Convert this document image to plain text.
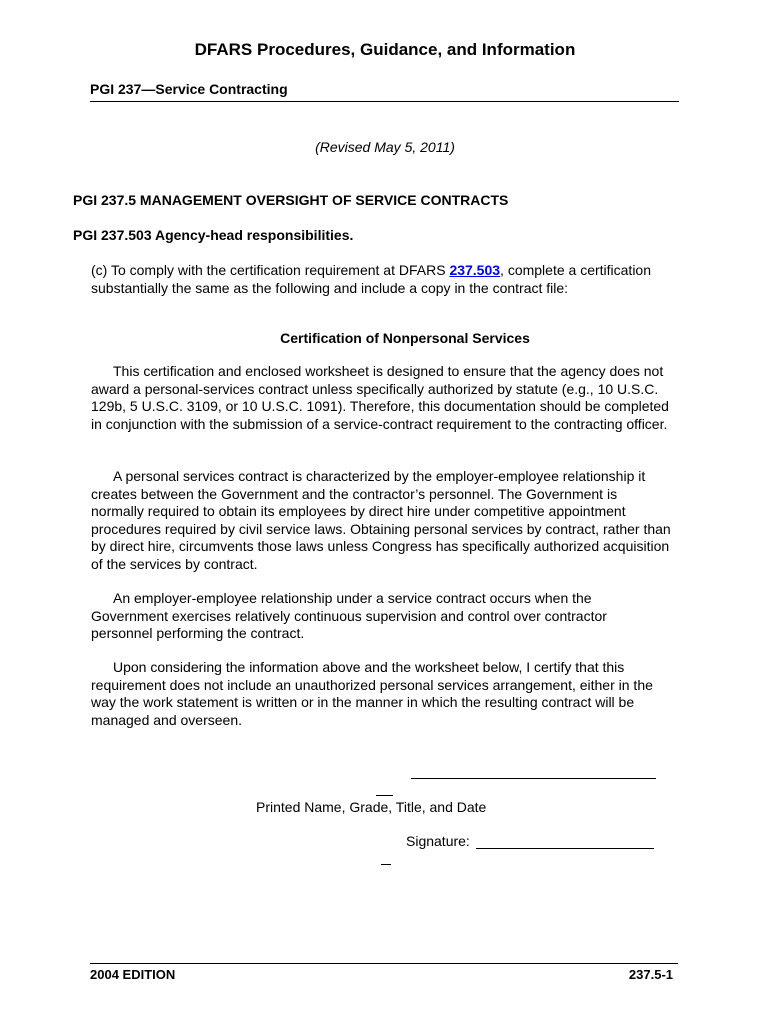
DFARS Procedures, Guidance, and Information
PGI 237—Service Contracting
(Revised May 5, 2011)
PGI 237.5 MANAGEMENT OVERSIGHT OF SERVICE CONTRACTS
PGI 237.503 Agency-head responsibilities.
(c) To comply with the certification requirement at DFARS 237.503, complete a certification substantially the same as the following and include a copy in the contract file:
Certification of Nonpersonal Services
This certification and enclosed worksheet is designed to ensure that the agency does not award a personal-services contract unless specifically authorized by statute (e.g., 10 U.S.C. 129b, 5 U.S.C. 3109, or 10 U.S.C. 1091). Therefore, this documentation should be completed in conjunction with the submission of a service-contract requirement to the contracting officer.
A personal services contract is characterized by the employer-employee relationship it creates between the Government and the contractor’s personnel. The Government is normally required to obtain its employees by direct hire under competitive appointment procedures required by civil service laws. Obtaining personal services by contract, rather than by direct hire, circumvents those laws unless Congress has specifically authorized acquisition of the services by contract.
An employer-employee relationship under a service contract occurs when the Government exercises relatively continuous supervision and control over contractor personnel performing the contract.
Upon considering the information above and the worksheet below, I certify that this requirement does not include an unauthorized personal services arrangement, either in the way the work statement is written or in the manner in which the resulting contract will be managed and overseen.
Printed Name, Grade, Title, and Date
Signature:
2004 EDITION	237.5-1
